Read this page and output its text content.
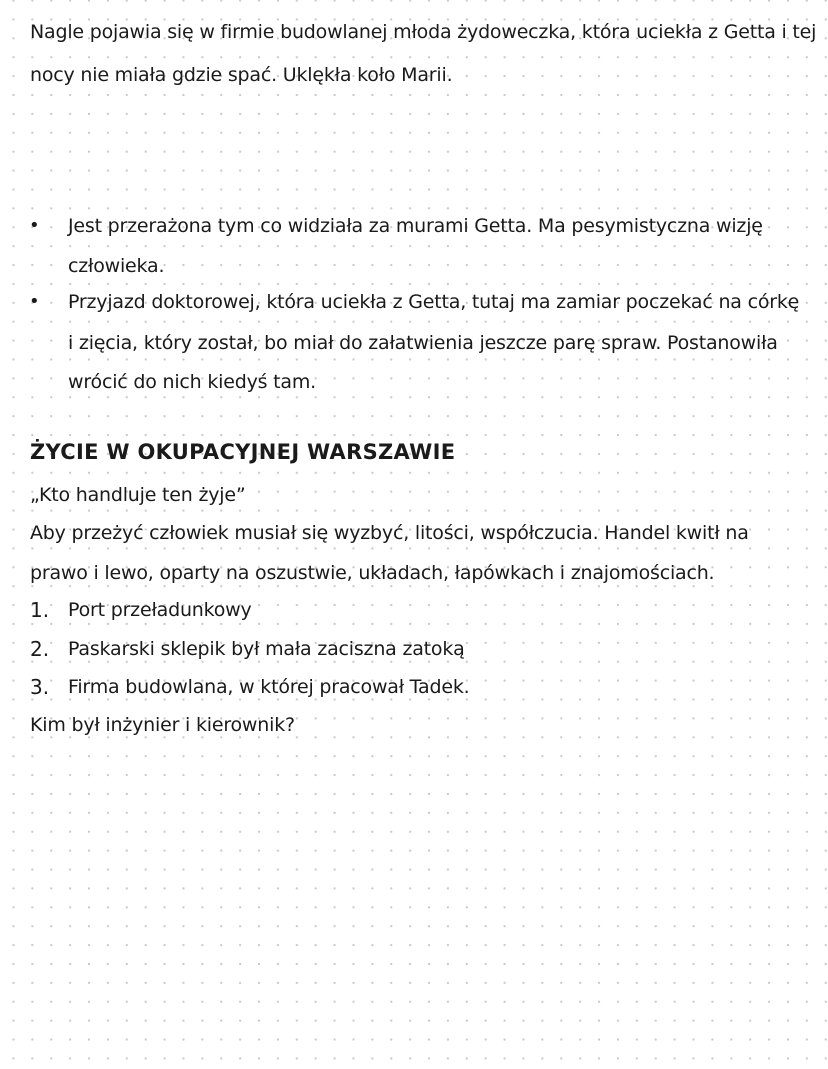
Nagle pojawia się w firmie budowlanej młoda żydoweczka, która uciekła z Getta i tej
nocy nie miała gdzie spać. Uklękła koło Marii.
• Jest przerażona tym co widziała za murami Getta. Ma pesymistyczna wizję
człowieka.
• Przyjazd doktorowej, która uciekła z Getta, tutaj ma zamiar poczekać na córkę
i zięcia, który został, bo miał do załatwienia jeszcze parę spraw. Postanowiła
wrócić do nich kiedyś tam.
ŻYCIE W OKUPACYJNEJ WARSZAWIE
„Kto handluje ten żyje”
Aby przeżyć człowiek musiał się wyzbyć, litości, współczucia. Handel kwitł na
prawo i lewo, oparty na oszustwie, układach, łapówkach i znajomościach.
1. Port przeładunkowy
2. Paskarski sklepik był mała zaciszna zatoką
3. Firma budowlana, w której pracował Tadek.
Kim był inżynier i kierownik?
